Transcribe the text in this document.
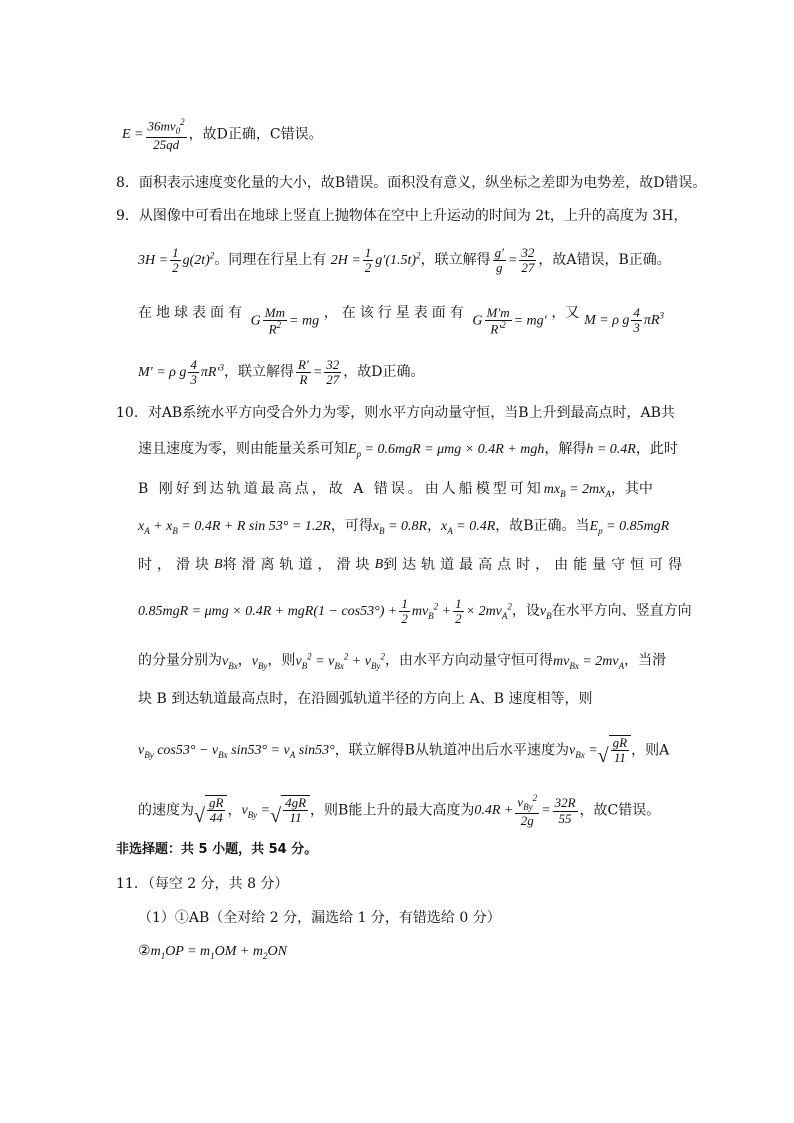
$E = \frac{36mv_0^2}{25qd}$ ，故D正确，C错误。
8．面积表示速度变化量的大小，故B错误。面积没有意义，纵坐标之差即为电势差，故D错误。
9．从图像中可看出在地球上竖直上抛物体在空中上升运动的时间为 2t，上升的高度为 3H，
$3H = \frac{1}{2} g(2t)^2$。同理在行星上有 $2H = \frac{1}{2} g'(1.5t)^2$，联立解得 $\frac{g'}{g} = \frac{32}{27}$ ，故A错误，B正确。
在地球表面有
G $\frac{Mm}{R^2}$ = mg
，在该行星表面有
G $\frac{M'm}{R'^2} = mg'$
，又 M = ρ g $\frac{4}{3} \pi R^3$
M′ = ρ g $\frac{4}{3} \pi R'^3$，联立解得 $\frac{R'}{R} = \frac{32}{27}$ ，故D正确。
10．对AB系统水平方向受合外力为零，则水平方向动量守恒，当B上升到最高点时，AB共
速且速度为零，则由能量关系可知$E_p = 0.6mgR = \mu mg \times 0.4R$ + mgh，解得h = 0.4R，此时
B 刚好到达轨道最高点，故 A 错误。由人船模型可知$mx_B = 2mx_A$，其中
$x_A + x_B = 0.4R + R$ sin 53° = 1.2R，可得$x_B = 0.8R$，$x_A = 0.4R$，故B正确。当$E_p = 0.85mgR$
时，滑块 B 将滑离轨道，滑块 B 到达轨道最高点时，由能量守恒可得
$0.85mgR = \mu mg \times 0.4R + mgR(1 - \cos 53^\circ) + \frac{1}{2} mv_B^2 + \frac{1}{2} \times 2mv_A^2$，设$v_B$在水平方向、竖直方向
的分量分别为$v_{Bx}$，$v_{By}$，则$v_B^2 = v_{Bx}^2 + v_{By}^2$，由水平方向动量守恒可得$mv_{Bx} = 2mv_A$，当滑
块 B 到达轨道最高点时，在沿圆弧轨道半径的方向上 A、B 速度相等，则
$v_{By}$ $\cos 53^\circ - v_{Bx}$ $\sin 53^\circ = v_A$ sin53°，联立解得B从轨道冲出后水平速度为$v_{Bx}$ = √ $\frac{gR}{11}$ ，则A
的速度为 √ $\frac{gR}{44}$ ，$v_{By}$ = √ $\frac{4gR}{11}$ ，则B能上升的最大高度为$0.4R + \frac{v_{By}^2}{2g} = \frac{32R}{55}$ ，故C错误。
非选择题：共 5 小题，共 54 分。
11．（每空 2 分，共 8 分）
（1）①AB（全对给 2 分，漏选给 1 分，有错选给 0 分）
$②m_1OP = m_1OM + m_2ON$
